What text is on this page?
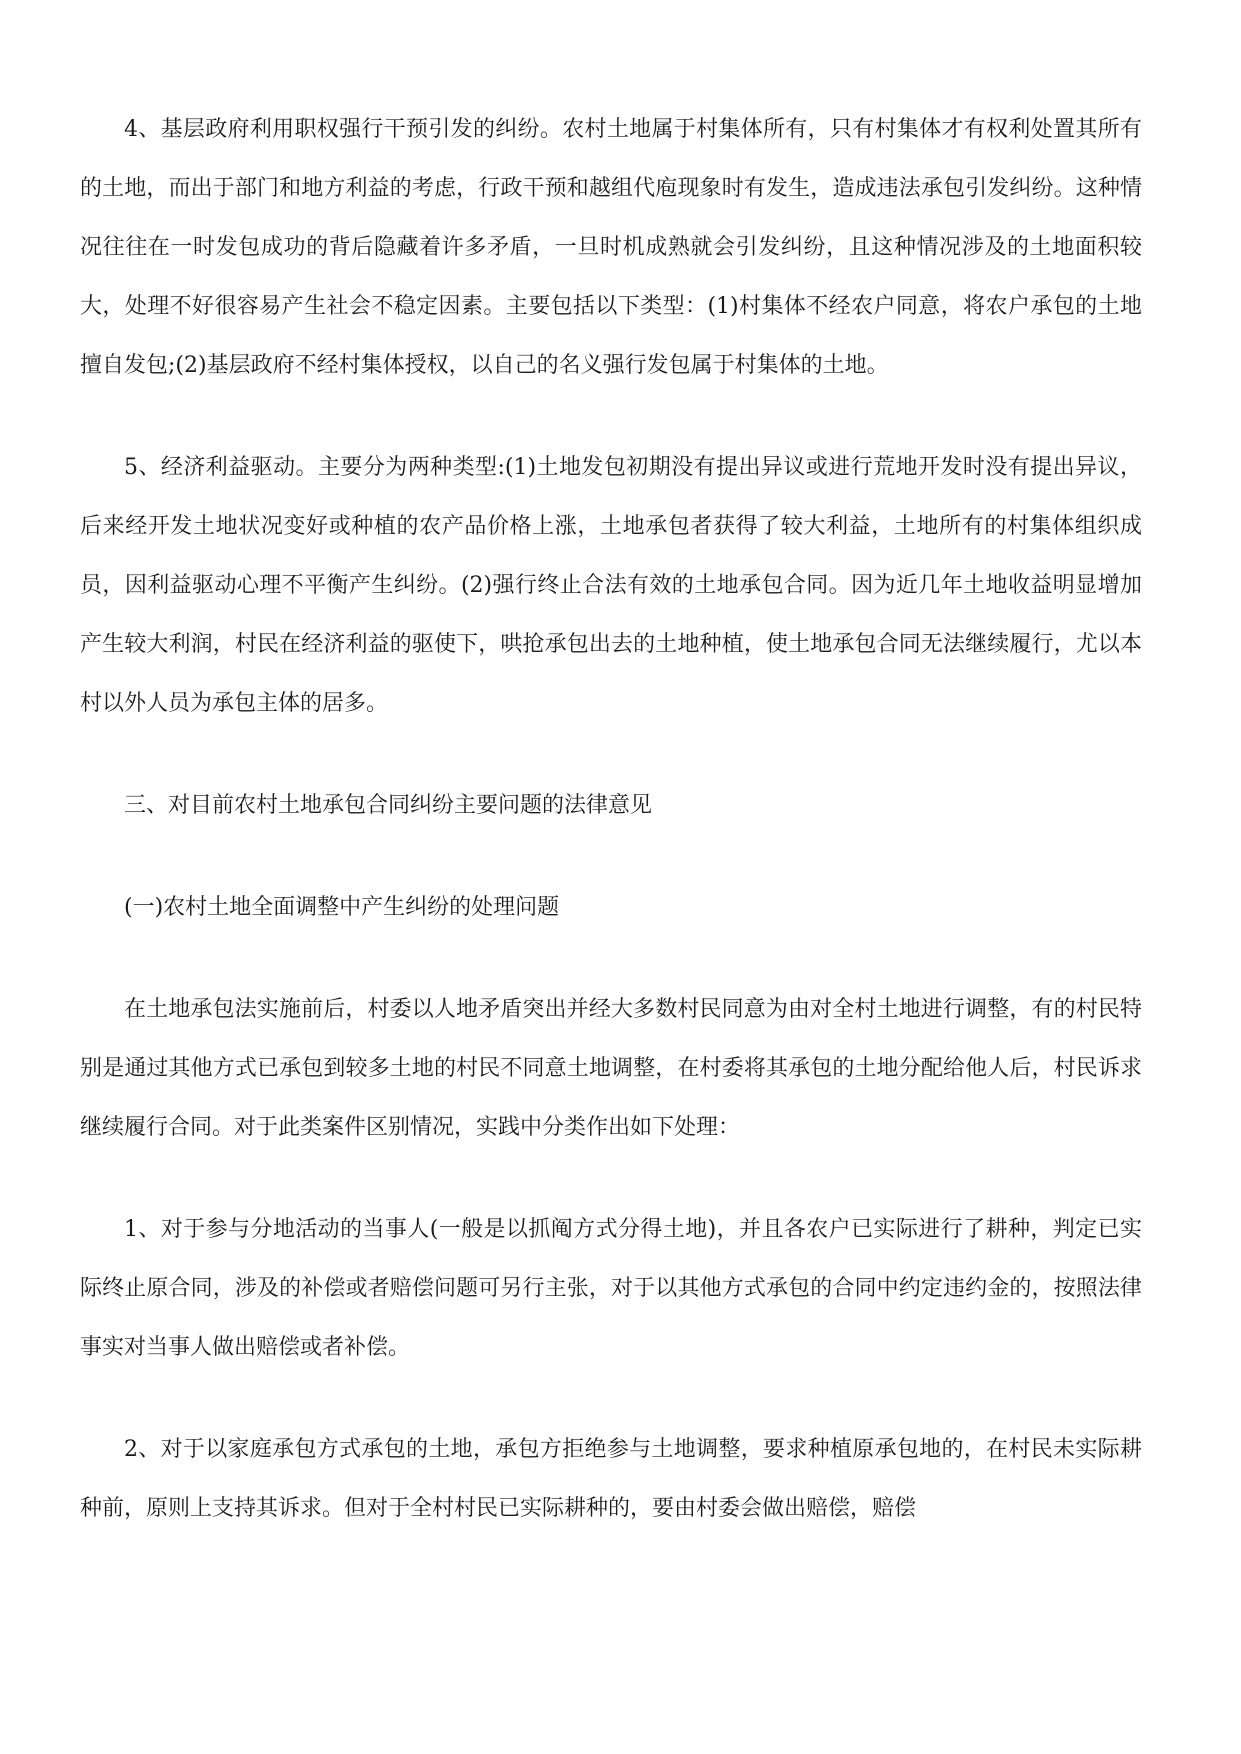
4、基层政府利用职权强行干预引发的纠纷。农村土地属于村集体所有，只有村集体才有权利处置其所有的土地，而出于部门和地方利益的考虑，行政干预和越组代庖现象时有发生，造成违法承包引发纠纷。这种情况往往在一时发包成功的背后隐藏着许多矛盾，一旦时机成熟就会引发纠纷，且这种情况涉及的土地面积较大，处理不好很容易产生社会不稳定因素。主要包括以下类型：(1)村集体不经农户同意，将农户承包的土地擅自发包;(2)基层政府不经村集体授权，以自己的名义强行发包属于村集体的土地。

5、经济利益驱动。主要分为两种类型:(1)土地发包初期没有提出异议或进行荒地开发时没有提出异议，后来经开发土地状况变好或种植的农产品价格上涨，土地承包者获得了较大利益，土地所有的村集体组织成员，因利益驱动心理不平衡产生纠纷。(2)强行终止合法有效的土地承包合同。因为近几年土地收益明显增加产生较大利润，村民在经济利益的驱使下，哄抢承包出去的土地种植，使土地承包合同无法继续履行，尤以本村以外人员为承包主体的居多。

三、对目前农村土地承包合同纠纷主要问题的法律意见

(一)农村土地全面调整中产生纠纷的处理问题

在土地承包法实施前后，村委以人地矛盾突出并经大多数村民同意为由对全村土地进行调整，有的村民特别是通过其他方式已承包到较多土地的村民不同意土地调整，在村委将其承包的土地分配给他人后，村民诉求继续履行合同。对于此类案件区别情况，实践中分类作出如下处理：

1、对于参与分地活动的当事人(一般是以抓阄方式分得土地)，并且各农户已实际进行了耕种，判定已实际终止原合同，涉及的补偿或者赔偿问题可另行主张，对于以其他方式承包的合同中约定违约金的，按照法律事实对当事人做出赔偿或者补偿。

2、对于以家庭承包方式承包的土地，承包方拒绝参与土地调整，要求种植原承包地的，在村民未实际耕种前，原则上支持其诉求。但对于全村村民已实际耕种的，要由村委会做出赔偿，赔偿
